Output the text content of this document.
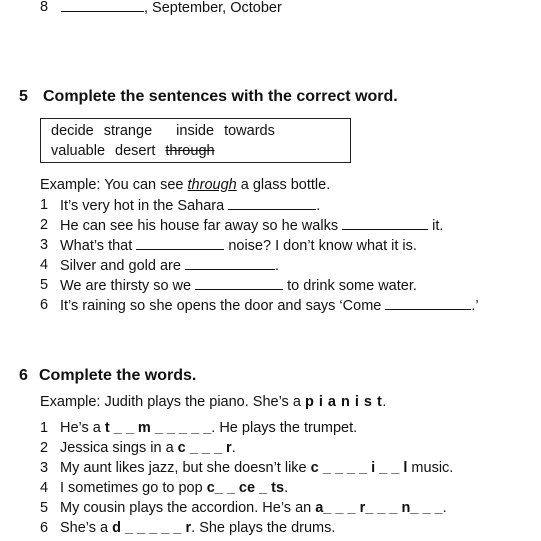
8	, September, October
5 Complete the sentences with the correct word.
decide strange inside towards
valuable desert through
Example: You can see through a glass bottle.
1 It’s very hot in the Sahara	.
2 He can see his house far away so he walks	it.
3 What’s that	noise? I don’t know what it is.
4 Silver and gold are	.
5 We are thirsty so we	to drink some water.
6 It’s raining so she opens the door and says ‘Come	.’
6 Complete the words.
Example: Judith plays the piano. She’s a p i a n i s t.
1 He’s a t _ _ m _ _ _ _ _. He plays the trumpet.
2 Jessica sings in a c _ _ _ r.
3 My aunt likes jazz, but she doesn’t like c _ _ _ _ i _ _ l music.
4 I sometimes go to pop c_ _ ce _ ts.
5 My cousin plays the accordion. He’s an a_ _ _ r_ _ _ n_ _ _.
6 She’s a d _ _ _ _ _ r. She plays the drums.
